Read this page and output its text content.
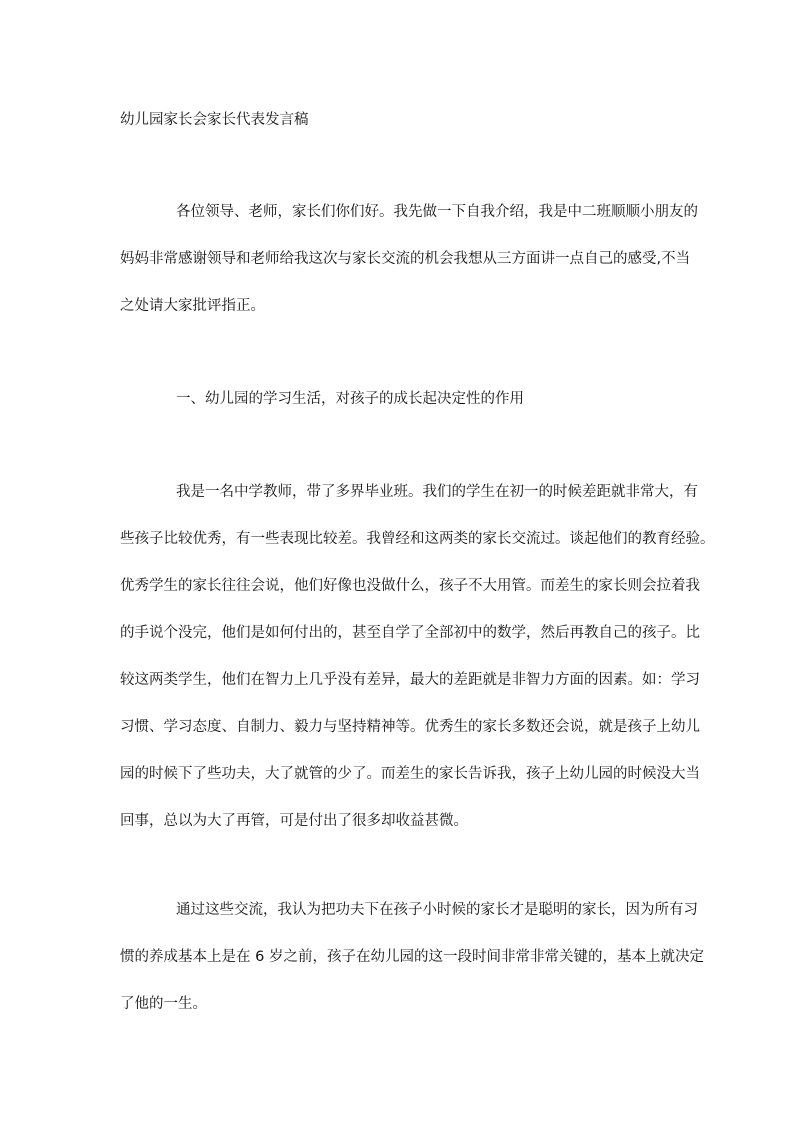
幼儿园家长会家长代表发言稿
各位领导、老师，家长们你们好。我先做一下自我介绍，我是中二班顺顺小朋友的
妈妈非常感谢领导和老师给我这次与家长交流的机会我想从三方面讲一点自己的感受,不当
之处请大家批评指正。
一、幼儿园的学习生活，对孩子的成长起决定性的作用
我是一名中学教师，带了多界毕业班。我们的学生在初一的时候差距就非常大，有
些孩子比较优秀，有一些表现比较差。我曾经和这两类的家长交流过。谈起他们的教育经验。
优秀学生的家长往往会说，他们好像也没做什么，孩子不大用管。而差生的家长则会拉着我
的手说个没完，他们是如何付出的，甚至自学了全部初中的数学，然后再教自己的孩子。比
较这两类学生，他们在智力上几乎没有差异，最大的差距就是非智力方面的因素。如：学习
习惯、学习态度、自制力、毅力与坚持精神等。优秀生的家长多数还会说，就是孩子上幼儿
园的时候下了些功夫，大了就管的少了。而差生的家长告诉我，孩子上幼儿园的时候没大当
回事，总以为大了再管，可是付出了很多却收益甚微。
通过这些交流，我认为把功夫下在孩子小时候的家长才是聪明的家长，因为所有习
惯的养成基本上是在 6 岁之前，孩子在幼儿园的这一段时间非常非常关键的，基本上就决定
了他的一生。
